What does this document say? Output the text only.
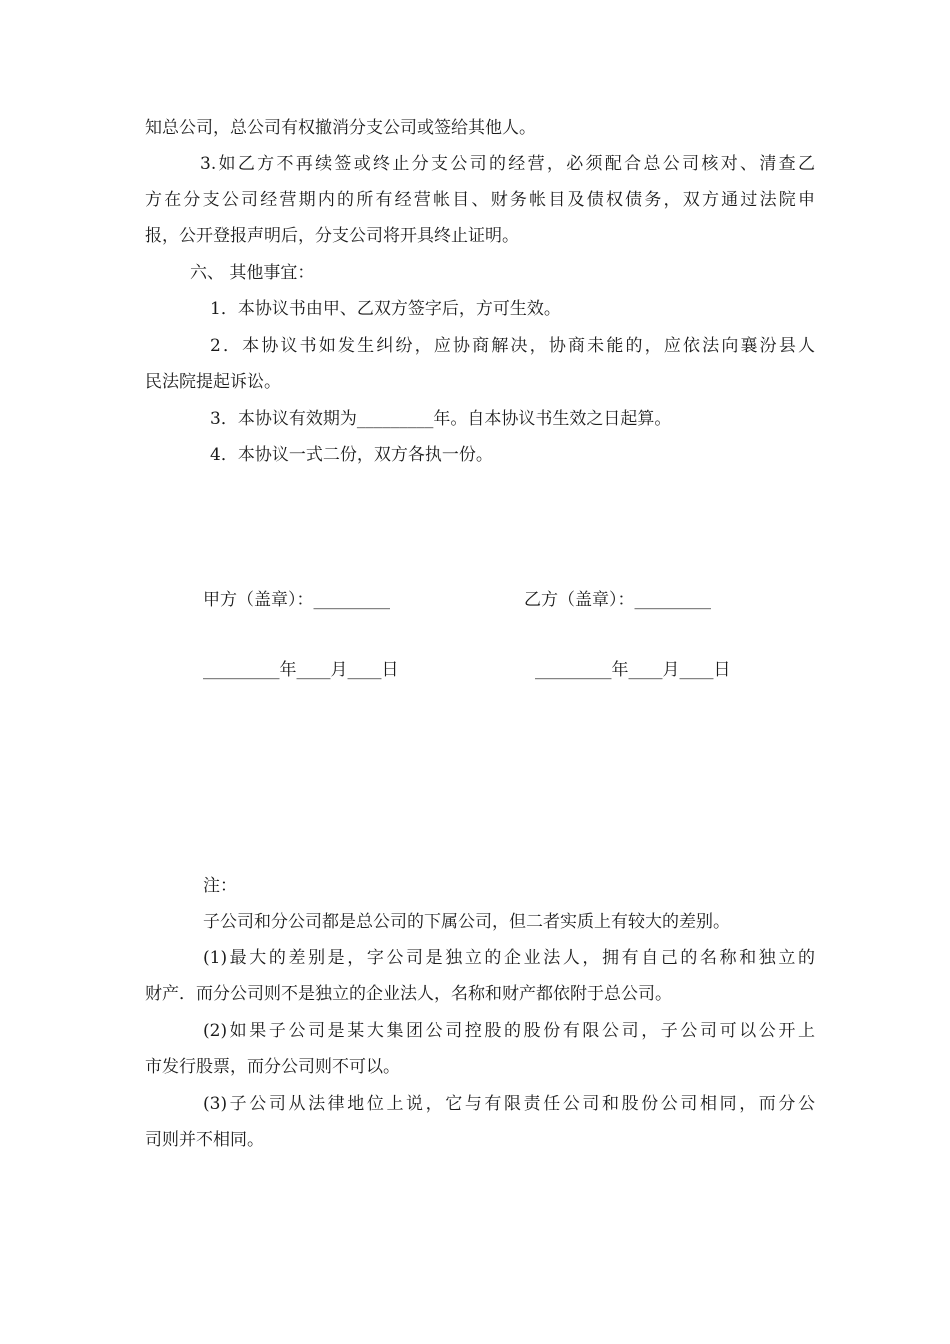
知总公司，总公司有权撤消分支公司或签给其他人。
3.如乙方不再续签或终止分支公司的经营，必须配合总公司核对、清查乙
方在分支公司经营期内的所有经营帐目、财务帐目及债权债务，双方通过法院申
报，公开登报声明后，分支公司将开具终止证明。
六、 其他事宜：
1．本协议书由甲、乙双方签字后，方可生效。
2．本协议书如发生纠纷，应协商解决，协商未能的，应依法向襄汾县人
民法院提起诉讼。
3．本协议有效期为_________年。自本协议书生效之日起算。
4．本协议一式二份，双方各执一份。
甲方（盖章）：_________	乙方（盖章）：_________
_________年____月____日	_________年____月____日
注：
子公司和分公司都是总公司的下属公司，但二者实质上有较大的差别。
(1)最大的差别是，字公司是独立的企业法人，拥有自己的名称和独立的
财产．而分公司则不是独立的企业法人，名称和财产都依附于总公司。
(2)如果子公司是某大集团公司控股的股份有限公司，子公司可以公开上
市发行股票，而分公司则不可以。
(3)子公司从法律地位上说，它与有限责任公司和股份公司相同，而分公
司则并不相同。
